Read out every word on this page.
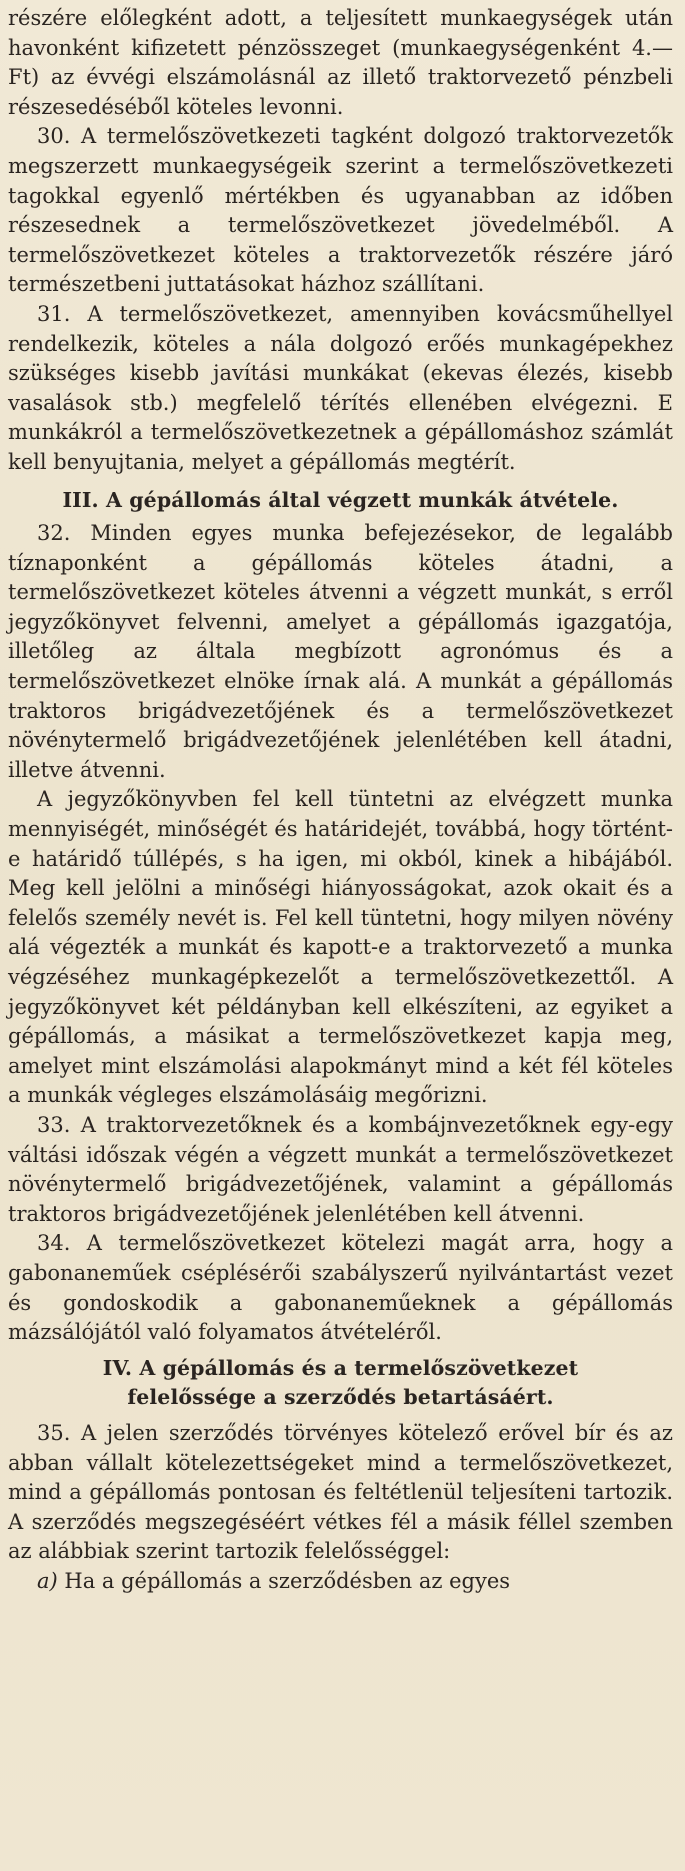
részére előlegként adott, a teljesített munkaegységek után havonként kifizetett pénzösszeget (munkaegységenként 4.— Ft) az évvégi elszámolásnál az illető traktorvezető pénzbeli részesedéséből köteles levonni.

30. A termelőszövetkezeti tagként dolgozó traktorvezetők megszerzett munkaegységeik szerint a termelőszövetkezeti tagokkal egyenlő mértékben és ugyanabban az időben részesednek a termelőszövetkezet jövedelméből. A termelőszövetkezet köteles a traktorvezetők részére járó természetbeni juttatásokat házhoz szállítani.

31. A termelőszövetkezet, amennyiben kovácsműhellyel rendelkezik, köteles a nála dolgozó erőés munkagépekhez szükséges kisebb javítási munkákat (ekevas élezés, kisebb vasalások stb.) megfelelő térítés ellenében elvégezni. E munkákról a termelőszövetkezetnek a gépállomáshoz számlát kell benyujtania, melyet a gépállomás megtérít.

III. A gépállomás által végzett munkák átvétele.

32. Minden egyes munka befejezésekor, de legalább tíznaponként a gépállomás köteles átadni, a termelőszövetkezet köteles átvenni a végzett munkát, s erről jegyzőkönyvet felvenni, amelyet a gépállomás igazgatója, illetőleg az általa megbízott agronómus és a termelőszövetkezet elnöke írnak alá. A munkát a gépállomás traktoros brigádvezetőjének és a termelőszövetkezet növénytermelő brigádvezetőjének jelenlétében kell átadni, illetve átvenni.

A jegyzőkönyvben fel kell tüntetni az elvégzett munka mennyiségét, minőségét és határidejét, továbbá, hogy történt-e határidő túllépés, s ha igen, mi okból, kinek a hibájából. Meg kell jelölni a minőségi hiányosságokat, azok okait és a felelős személy nevét is. Fel kell tüntetni, hogy milyen növény alá végezték a munkát és kapott-e a traktorvezető a munka végzéséhez munkagépkezelőt a termelőszövetkezettől. A jegyzőkönyvet két példányban kell elkészíteni, az egyiket a gépállomás, a másikat a termelőszövetkezet kapja meg, amelyet mint elszámolási alapokmányt mind a két fél köteles a munkák végleges elszámolásáig megőrizni.

33. A traktorvezetőknek és a kombájnvezetőknek egy-egy váltási időszak végén a végzett munkát a termelőszövetkezet növénytermelő brigádvezetőjének, valamint a gépállomás traktoros brigádvezetőjének jelenlétében kell átvenni.

34. A termelőszövetkezet kötelezi magát arra, hogy a gabonaneműek cséplésérői szabályszerű nyilvántartást vezet és gondoskodik a gabonaneműeknek a gépállomás mázsálójától való folyamatos átvételéről.

IV. A gépállomás és a termelőszövetkezet
felelőssége a szerződés betartásáért.

35. A jelen szerződés törvényes kötelező erővel bír és az abban vállalt kötelezettségeket mind a termelőszövetkezet, mind a gépállomás pontosan és feltétlenül teljesíteni tartozik. A szerződés megszegéséért vétkes fél a másik féllel szemben az alábbiak szerint tartozik felelősséggel:

a) Ha a gépállomás a szerződésben az egyes
